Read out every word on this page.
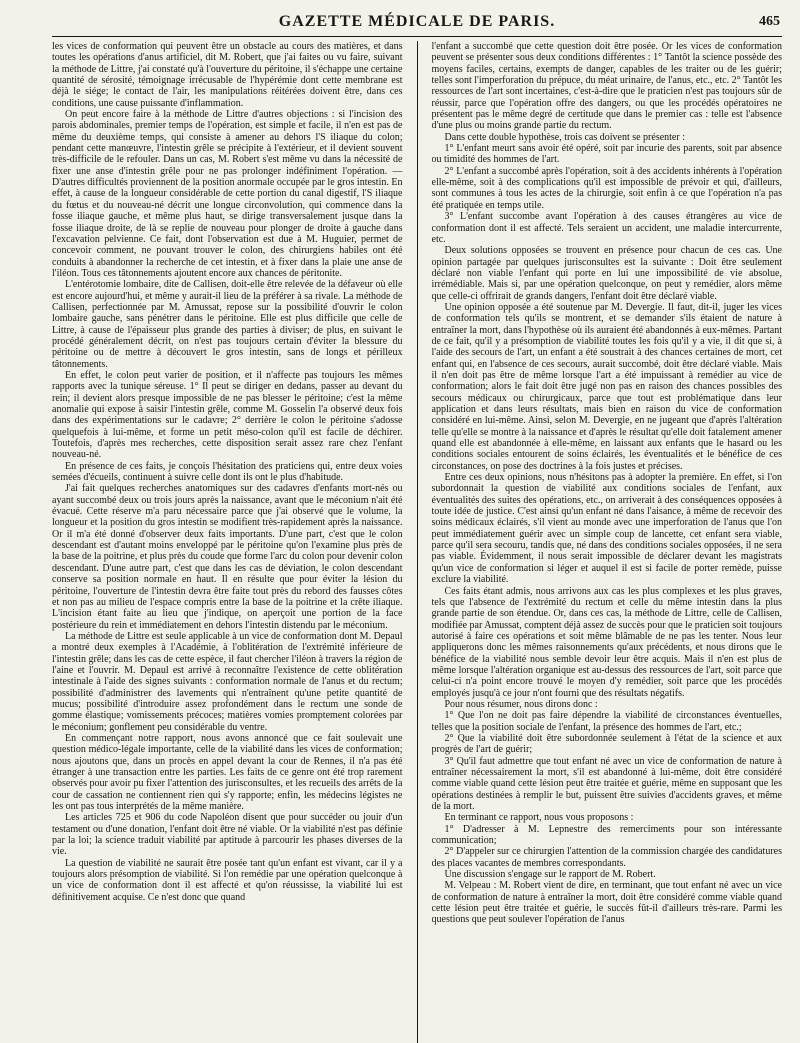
GAZETTE MÉDICALE DE PARIS.	465

les vices de conformation qui peuvent être un obstacle au cours des matières, et dans toutes les opérations d'anus artificiel, dit M. Robert, que j'ai faites ou vu faire, suivant la méthode de Littre, j'ai constaté qu'à l'ouverture du péritoine, il s'échappe une certaine quantité de sérosité, témoignage irrécusable de l'hypérémie dont cette membrane est déjà le siége; le contact de l'air, les manipulations réitérées doivent être, dans ces conditions, une cause puissante d'inflammation.

On peut encore faire à la méthode de Littre d'autres objections : si l'incision des parois abdominales, premier temps de l'opération, est simple et facile, il n'en est pas de même du deuxième temps, qui consiste à amener au dehors l'S iliaque du colon; pendant cette manœuvre, l'intestin grêle se précipite à l'extérieur, et il devient souvent très-difficile de le refouler. Dans un cas, M. Robert s'est même vu dans la nécessité de fixer une anse d'intestin grêle pour ne pas prolonger indéfiniment l'opération. — D'autres difficultés proviennent de la position anormale occupée par le gros intestin. En effet, à cause de la longueur considérable de cette portion du canal digestif, l'S iliaque du fœtus et du nouveau-né décrit une longue circonvolution, qui commence dans la fosse iliaque gauche, et même plus haut, se dirige transversalement jusque dans la fosse iliaque droite, de là se replie de nouveau pour plonger de droite à gauche dans l'excavation pelvienne. Ce fait, dont l'observation est due à M. Huguier, permet de concevoir comment, ne pouvant trouver le colon, des chirurgiens habiles ont été conduits à abandonner la recherche de cet intestin, et à fixer dans la plaie une anse de l'iléon. Tous ces tâtonnements ajoutent encore aux chances de péritonite.

L'entérotomie lombaire, dite de Callisen, doit-elle être relevée de la défaveur où elle est encore aujourd'hui, et même y aurait-il lieu de la préférer à sa rivale. La méthode de Callisen, perfectionnée par M. Amussat, repose sur la possibilité d'ouvrir le colon lombaire gauche, sans pénétrer dans le péritoine. Elle est plus difficile que celle de Littre, à cause de l'épaisseur plus grande des parties à diviser; de plus, en suivant le procédé généralement décrit, on n'est pas toujours certain d'éviter la blessure du péritoine ou de mettre à découvert le gros intestin, sans de longs et périlleux tâtonnements.

En effet, le colon peut varier de position, et il n'affecte pas toujours les mêmes rapports avec la tunique séreuse. 1° Il peut se diriger en dedans, passer au devant du rein; il devient alors presque impossible de ne pas blesser le péritoine; c'est la même anomalie qui expose à saisir l'intestin grêle, comme M. Gosselin l'a observé deux fois dans des expérimentations sur le cadavre; 2° derrière le colon le péritoine s'adosse quelquefois à lui-même, et forme un petit méso-colon qu'il est facile de déchirer. Toutefois, d'après mes recherches, cette disposition serait assez rare chez l'enfant nouveau-né.

En présence de ces faits, je conçois l'hésitation des praticiens qui, entre deux voies semées d'écueils, continuent à suivre celle dont ils ont le plus d'habitude.

J'ai fait quelques recherches anatomiques sur des cadavres d'enfants mort-nés ou ayant succombé deux ou trois jours après la naissance, avant que le méconium n'ait été évacué. Cette réserve m'a paru nécessaire parce que j'ai observé que le volume, la longueur et la position du gros intestin se modifient très-rapidement après la naissance. Or il m'a été donné d'observer deux faits importants. D'une part, c'est que le colon descendant est d'autant moins enveloppé par le péritoine qu'on l'examine plus près de la base de la poitrine, et plus près du coude que forme l'arc du colon pour devenir colon descendant. D'une autre part, c'est que dans les cas de déviation, le colon descendant conserve sa position normale en haut. Il en résulte que pour éviter la lésion du péritoine, l'ouverture de l'intestin devra être faite tout près du rebord des fausses côtes et non pas au milieu de l'espace compris entre la base de la poitrine et la crête iliaque. L'incision étant faite au lieu que j'indique, on aperçoit une portion de la face postérieure du rein et immédiatement en dehors l'intestin distendu par le méconium.

La méthode de Littre est seule applicable à un vice de conformation dont M. Depaul a montré deux exemples à l'Académie, à l'oblitération de l'extrémité inférieure de l'intestin grêle; dans les cas de cette espèce, il faut chercher l'iléon à travers la région de l'aine et l'ouvrir. M. Depaul est arrivé à reconnaître l'existence de cette oblitération intestinale à l'aide des signes suivants : conformation normale de l'anus et du rectum; possibilité d'administrer des lavements qui n'entraînent qu'une petite quantité de mucus; possibilité d'introduire assez profondément dans le rectum une sonde de gomme élastique; vomissements précoces; matières vomies promptement colorées par le méconium; gonflement peu considérable du ventre.

En commençant notre rapport, nous avons annoncé que ce fait soulevait une question médico-légale importante, celle de la viabilité dans les vices de conformation; nous ajoutons que, dans un procès en appel devant la cour de Rennes, il n'a pas été étranger à une transaction entre les parties. Les faits de ce genre ont été trop rarement observés pour avoir pu fixer l'attention des jurisconsultes, et les recueils des arrêts de la cour de cassation ne contiennent rien qui s'y rapporte; enfin, les médecins légistes ne les ont pas tous interprétés de la même manière.

Les articles 725 et 906 du code Napoléon disent que pour succéder ou jouir d'un testament ou d'une donation, l'enfant doit être né viable. Or la viabilité n'est pas définie par la loi; la science traduit viabilité par aptitude à parcourir les phases diverses de la vie.

La question de viabilité ne saurait être posée tant qu'un enfant est vivant, car il y a toujours alors présomption de viabilité. Si l'on remédie par une opération quelconque à un vice de conformation dont il est affecté et qu'on réussisse, la viabilité lui est définitivement acquise. Ce n'est donc que quand

l'enfant a succombé que cette question doit être posée. Or les vices de conformation peuvent se présenter sous deux conditions différentes : 1° Tantôt la science possède des moyens faciles, certains, exempts de danger, capables de les traiter ou de les guérir; telles sont l'imperforation du prépuce, du méat urinaire, de l'anus, etc., etc. 2° Tantôt les ressources de l'art sont incertaines, c'est-à-dire que le praticien n'est pas toujours sûr de réussir, parce que l'opération offre des dangers, ou que les procédés opératoires ne présentent pas le même degré de certitude que dans le premier cas : telle est l'absence d'une plus ou moins grande partie du rectum.

Dans cette double hypothèse, trois cas doivent se présenter :

1° L'enfant meurt sans avoir été opéré, soit par incurie des parents, soit par absence ou timidité des hommes de l'art.

2° L'enfant a succombé après l'opération, soit à des accidents inhérents à l'opération elle-même, soit à des complications qu'il est impossible de prévoir et qui, d'ailleurs, sont communes à tous les actes de la chirurgie, soit enfin à ce que l'opération n'a pas été pratiquée en temps utile.

3° L'enfant succombe avant l'opération à des causes étrangères au vice de conformation dont il est affecté. Tels seraient un accident, une maladie intercurrente, etc.

Deux solutions opposées se trouvent en présence pour chacun de ces cas. Une opinion partagée par quelques jurisconsultes est la suivante : Doit être seulement déclaré non viable l'enfant qui porte en lui une impossibilité de vie absolue, irrémédiable. Mais si, par une opération quelconque, on peut y remédier, alors même que celle-ci offrirait de grands dangers, l'enfant doit être déclaré viable.

Une opinion opposée a été soutenue par M. Devergie. Il faut, dit-il, juger les vices de conformation tels qu'ils se montrent, et se demander s'ils étaient de nature à entraîner la mort, dans l'hypothèse où ils auraient été abandonnés à eux-mêmes. Partant de ce fait, qu'il y a présomption de viabilité toutes les fois qu'il y a vie, il dit que si, à l'aide des secours de l'art, un enfant a été soustrait à des chances certaines de mort, cet enfant qui, en l'absence de ces secours, aurait succombé, doit être déclaré viable. Mais il n'en doit pas être de même lorsque l'art a été impuissant à remédier au vice de conformation; alors le fait doit être jugé non pas en raison des chances possibles des secours médicaux ou chirurgicaux, parce que tout est problématique dans leur application et dans leurs résultats, mais bien en raison du vice de conformation considéré en lui-même. Ainsi, selon M. Devergie, en ne jugeant que d'après l'altération telle qu'elle se montre à la naissance et d'après le résultat qu'elle doit fatalement amener quand elle est abandonnée à elle-même, en laissant aux enfants que le hasard ou les conditions sociales entourent de soins éclairés, les éventualités et le bénéfice de ces circonstances, on pose des doctrines à la fois justes et précises.

Entre ces deux opinions, nous n'hésitons pas à adopter la première. En effet, si l'on subordonnait la question de viabilité aux conditions sociales de l'enfant, aux éventualités des suites des opérations, etc., on arriverait à des conséquences opposées à toute idée de justice. C'est ainsi qu'un enfant né dans l'aisance, à même de recevoir des soins médicaux éclairés, s'il vient au monde avec une imperforation de l'anus que l'on peut immédiatement guérir avec un simple coup de lancette, cet enfant sera viable, parce qu'il sera secouru, tandis que, né dans des conditions sociales opposées, il ne sera pas viable. Évidemment, il nous serait impossible de déclarer devant les magistrats qu'un vice de conformation si léger et auquel il est si facile de porter remède, puisse exclure la viabilité.

Ces faits étant admis, nous arrivons aux cas les plus complexes et les plus graves, tels que l'absence de l'extrémité du rectum et celle du même intestin dans la plus grande partie de son étendue. Or, dans ces cas, la méthode de Littre, celle de Callisen, modifiée par Amussat, comptent déjà assez de succès pour que le praticien soit toujours autorisé à faire ces opérations et soit même blâmable de ne pas les tenter. Nous leur appliquerons donc les mêmes raisonnements qu'aux précédents, et nous dirons que le bénéfice de la viabilité nous semble devoir leur être acquis. Mais il n'en est plus de même lorsque l'altération organique est au-dessus des ressources de l'art, soit parce que celui-ci n'a point encore trouvé le moyen d'y remédier, soit parce que les procédés employés jusqu'à ce jour n'ont fourni que des résultats négatifs.

Pour nous résumer, nous dirons donc :

1° Que l'on ne doit pas faire dépendre la viabilité de circonstances éventuelles, telles que la position sociale de l'enfant, la présence des hommes de l'art, etc.;

2° Que la viabilité doit être subordonnée seulement à l'état de la science et aux progrès de l'art de guérir;

3° Qu'il faut admettre que tout enfant né avec un vice de conformation de nature à entraîner nécessairement la mort, s'il est abandonné à lui-même, doit être considéré comme viable quand cette lésion peut être traitée et guérie, même en supposant que les opérations destinées à remplir le but, puissent être suivies d'accidents graves, et même de la mort.

En terminant ce rapport, nous vous proposons :

1° D'adresser à M. Lepnestre des remerciments pour son intéressante communication;

2° D'appeler sur ce chirurgien l'attention de la commission chargée des candidatures des places vacantes de membres correspondants.

Une discussion s'engage sur le rapport de M. Robert.

M. Velpeau : M. Robert vient de dire, en terminant, que tout enfant né avec un vice de conformation de nature à entraîner la mort, doit être considéré comme viable quand cette lésion peut être traitée et guérie, le succès fût-il d'ailleurs très-rare. Parmi les questions que peut soulever l'opération de l'anus
